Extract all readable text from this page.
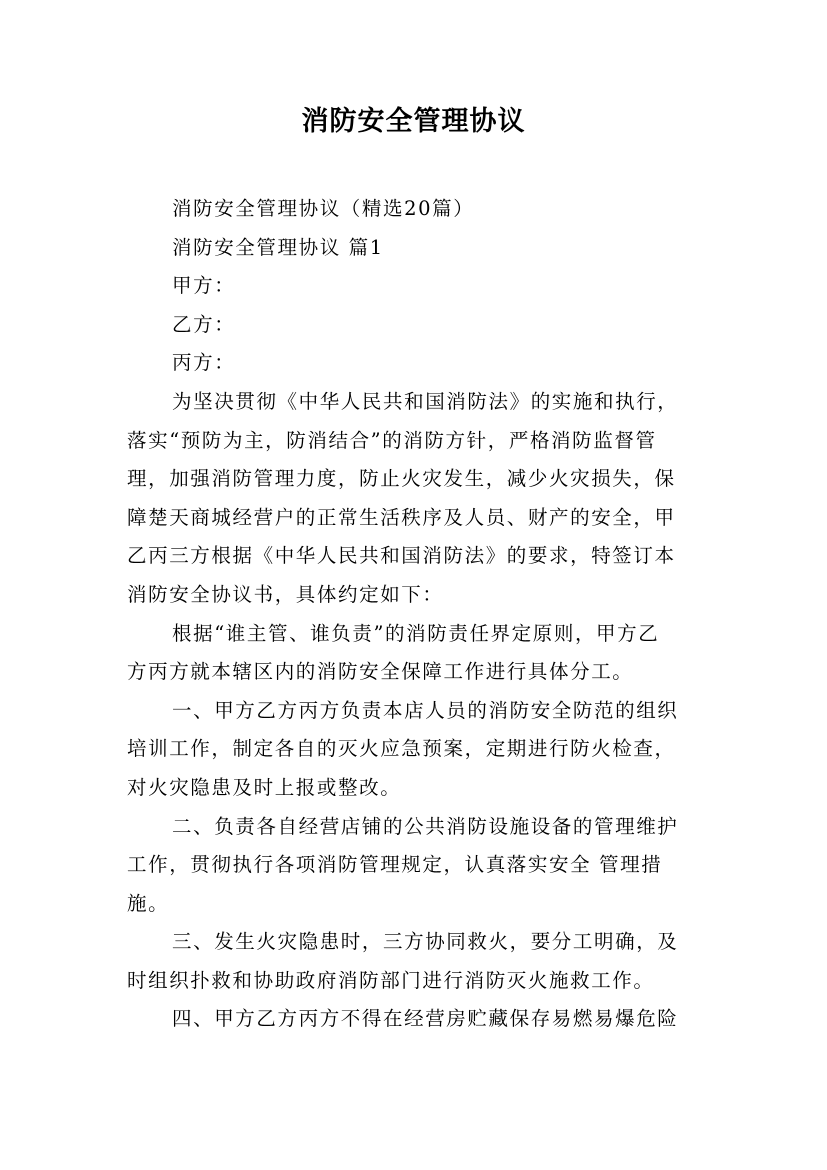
消防安全管理协议
消防安全管理协议（精选20篇）
消防安全管理协议 篇1
甲方：
乙方：
丙方：
为坚决贯彻《中华人民共和国消防法》的实施和执行，
落实“预防为主，防消结合”的消防方针，严格消防监督管
理，加强消防管理力度，防止火灾发生，减少火灾损失，保
障楚天商城经营户的正常生活秩序及人员、财产的安全，甲
乙丙三方根据《中华人民共和国消防法》的要求，特签订本
消防安全协议书，具体约定如下：
根据“谁主管、谁负责”的消防责任界定原则，甲方乙
方丙方就本辖区内的消防安全保障工作进行具体分工。
一、甲方乙方丙方负责本店人员的消防安全防范的组织
培训工作，制定各自的灭火应急预案，定期进行防火检查，
对火灾隐患及时上报或整改。
二、负责各自经营店铺的公共消防设施设备的管理维护
工作，贯彻执行各项消防管理规定，认真落实安全 管理措
施。
三、发生火灾隐患时，三方协同救火，要分工明确，及
时组织扑救和协助政府消防部门进行消防灭火施救工作。
四、甲方乙方丙方不得在经营房贮藏保存易燃易爆危险
